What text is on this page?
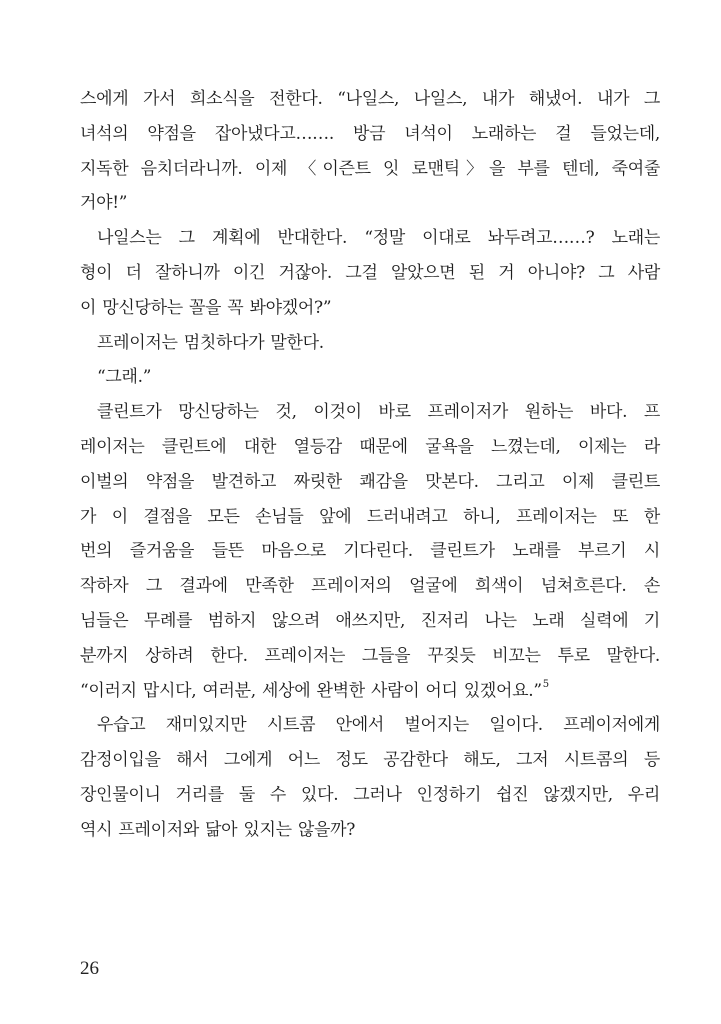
스에게 가서 희소식을 전한다. “나일스, 나일스, 내가 해냈어. 내가 그
녀석의 약점을 잡아냈다고……. 방금 녀석이 노래하는 걸 들었는데,
지독한 음치더라니까. 이제 〈이즌트 잇 로맨틱〉을 부를 텐데, 죽여줄
거야!”
나일스는 그 계획에 반대한다. “정말 이대로 놔두려고……? 노래는
형이 더 잘하니까 이긴 거잖아. 그걸 알았으면 된 거 아니야? 그 사람
이 망신당하는 꼴을 꼭 봐야겠어?”
프레이저는 멈칫하다가 말한다.
“그래.”
클린트가 망신당하는 것, 이것이 바로 프레이저가 원하는 바다. 프
레이저는 클린트에 대한 열등감 때문에 굴욕을 느꼈는데, 이제는 라
이벌의 약점을 발견하고 짜릿한 쾌감을 맛본다. 그리고 이제 클린트
가 이 결점을 모든 손님들 앞에 드러내려고 하니, 프레이저는 또 한
번의 즐거움을 들뜬 마음으로 기다린다. 클린트가 노래를 부르기 시
작하자 그 결과에 만족한 프레이저의 얼굴에 희색이 넘쳐흐른다. 손
님들은 무례를 범하지 않으려 애쓰지만, 진저리 나는 노래 실력에 기
분까지 상하려 한다. 프레이저는 그들을 꾸짖듯 비꼬는 투로 말한다.
“이러지 맙시다, 여러분, 세상에 완벽한 사람이 어디 있겠어요.”$^5$
우습고 재미있지만 시트콤 안에서 벌어지는 일이다. 프레이저에게
감정이입을 해서 그에게 어느 정도 공감한다 해도, 그저 시트콤의 등
장인물이니 거리를 둘 수 있다. 그러나 인정하기 쉽진 않겠지만, 우리
역시 프레이저와 닮아 있지는 않을까?
26
